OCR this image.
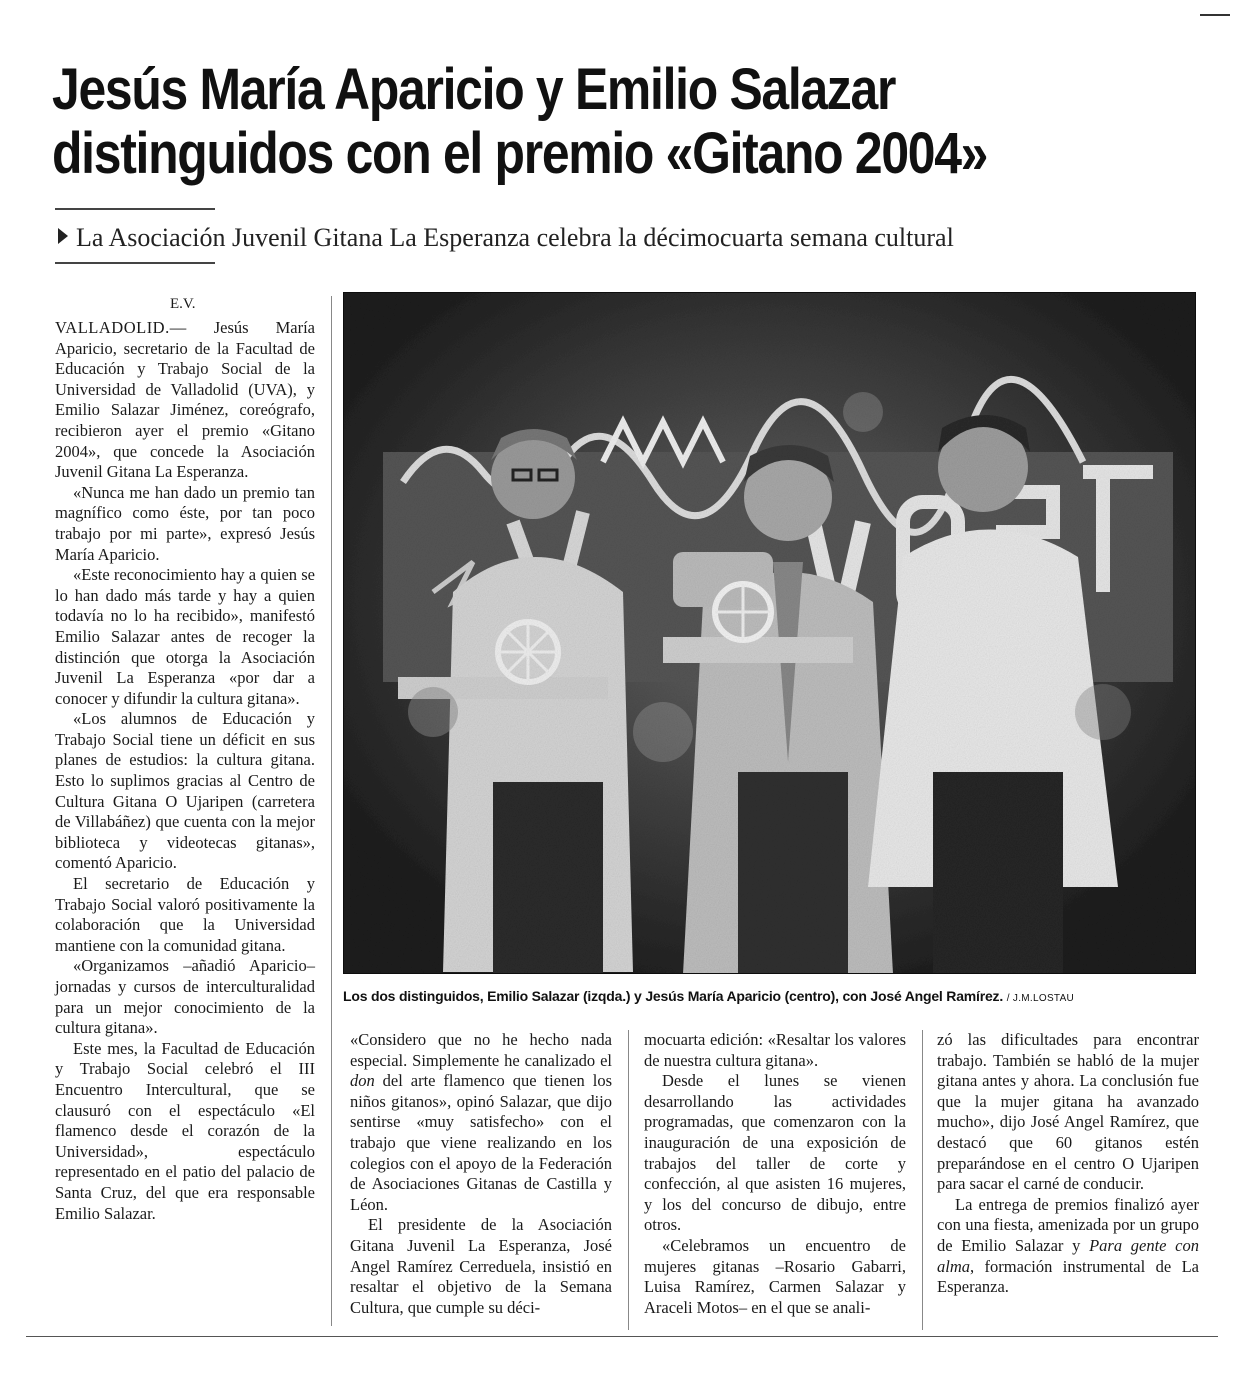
Jesús María Aparicio y Emilio Salazar
distinguidos con el premio «Gitano 2004»
La Asociación Juvenil Gitana La Esperanza celebra la décimocuarta semana cultural
E.V.

VALLADOLID.— Jesús María Aparicio, secretario de la Facultad de Educación y Trabajo Social de la Universidad de Valladolid (UVA), y Emilio Salazar Jiménez, coreógrafo, recibieron ayer el premio «Gitano 2004», que concede la Asociación Juvenil Gitana La Esperanza.

«Nunca me han dado un premio tan magnífico como éste, por tan poco trabajo por mi parte», expresó Jesús María Aparicio.

«Este reconocimiento hay a quien se lo han dado más tarde y hay a quien todavía no lo ha recibido», manifestó Emilio Salazar antes de recoger la distinción que otorga la Asociación Juvenil La Esperanza «por dar a conocer y difundir la cultura gitana».

«Los alumnos de Educación y Trabajo Social tiene un déficit en sus planes de estudios: la cultura gitana. Esto lo suplimos gracias al Centro de Cultura Gitana O Ujaripen (carretera de Villabáñez) que cuenta con la mejor biblioteca y videotecas gitanas», comentó Aparicio.

El secretario de Educación y Trabajo Social valoró positivamente la colaboración que la Universidad mantiene con la comunidad gitana.

«Organizamos –añadió Aparicio– jornadas y cursos de interculturalidad para un mejor conocimiento de la cultura gitana».

Este mes, la Facultad de Educación y Trabajo Social celebró el III Encuentro Intercultural, que se clausuró con el espectáculo «El flamenco desde el corazón de la Universidad», espectáculo representado en el patio del palacio de Santa Cruz, del que era responsable Emilio Salazar.

Los dos distinguidos, Emilio Salazar (izqda.) y Jesús María Aparicio (centro), con José Angel Ramírez. / J.M.LOSTAU

«Considero que no he hecho nada especial. Simplemente he canalizado el don del arte flamenco que tienen los niños gitanos», opinó Salazar, que dijo sentirse «muy satisfecho» con el trabajo que viene realizando en los colegios con el apoyo de la Federación de Asociaciones Gitanas de Castilla y Léon.

El presidente de la Asociación Gitana Juvenil La Esperanza, José Angel Ramírez Cerreduela, insistió en resaltar el objetivo de la Semana Cultura, que cumple su déci-

mocuarta edición: «Resaltar los valores de nuestra cultura gitana».

Desde el lunes se vienen desarrollando las actividades programadas, que comenzaron con la inauguración de una exposición de trabajos del taller de corte y confección, al que asisten 16 mujeres, y los del concurso de dibujo, entre otros.

«Celebramos un encuentro de mujeres gitanas –Rosario Gabarri, Luisa Ramírez, Carmen Salazar y Araceli Motos– en el que se anali-

zó las dificultades para encontrar trabajo. También se habló de la mujer gitana antes y ahora. La conclusión fue que la mujer gitana ha avanzado mucho», dijo José Angel Ramírez, que destacó que 60 gitanos estén preparándose en el centro O Ujaripen para sacar el carné de conducir.

La entrega de premios finalizó ayer con una fiesta, amenizada por un grupo de Emilio Salazar y Para gente con alma, formación instrumental de La Esperanza.
